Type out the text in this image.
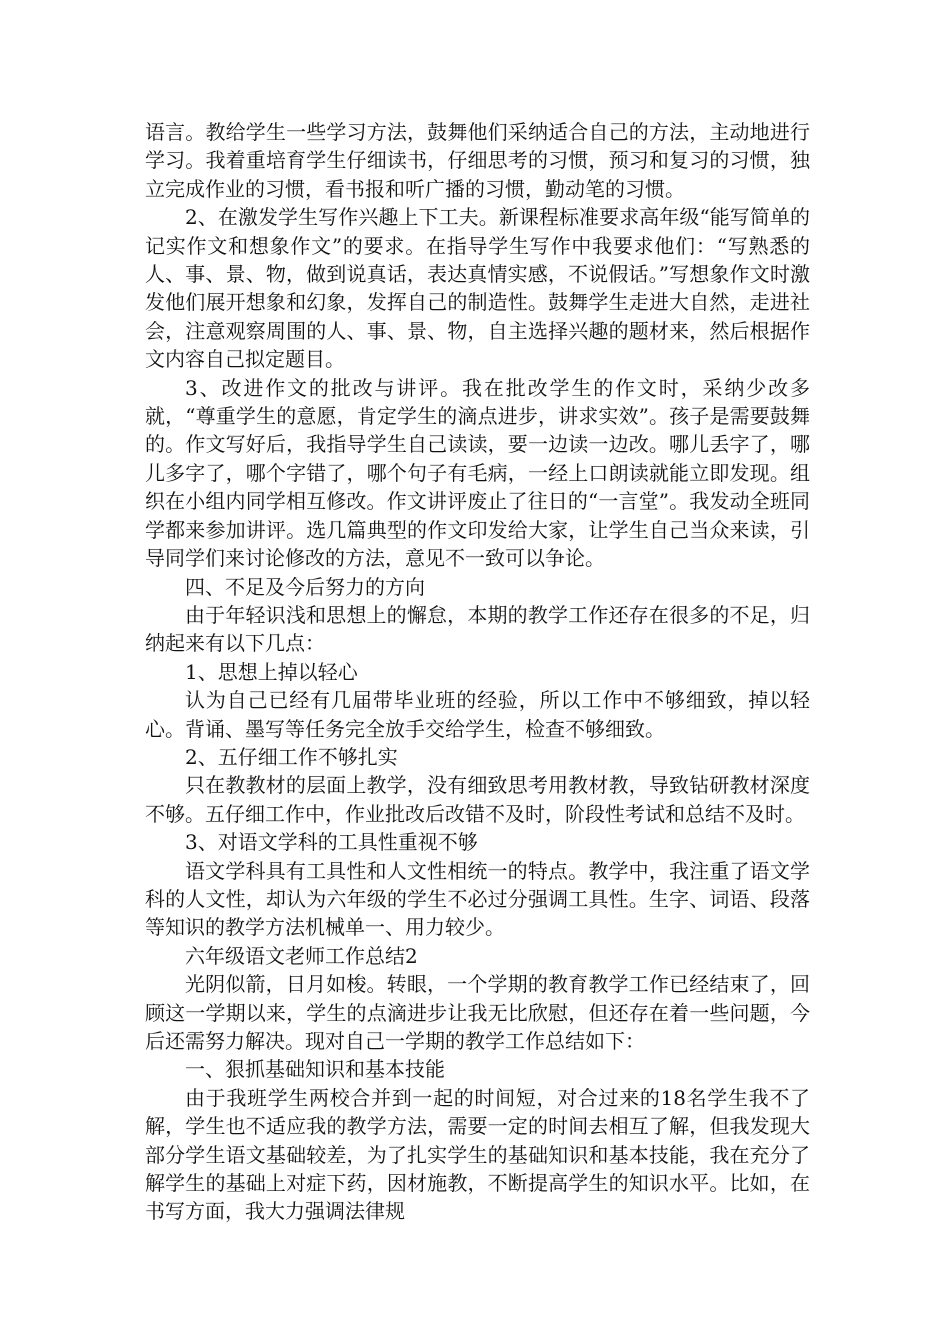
语言。教给学生一些学习方法，鼓舞他们采纳适合自己的方法，主动地进行学习。我着重培育学生仔细读书，仔细思考的习惯，预习和复习的习惯，独立完成作业的习惯，看书报和听广播的习惯，勤动笔的习惯。

2、在激发学生写作兴趣上下工夫。新课程标准要求高年级“能写简单的记实作文和想象作文”的要求。在指导学生写作中我要求他们：“写熟悉的人、事、景、物，做到说真话，表达真情实感，不说假话。”写想象作文时激发他们展开想象和幻象，发挥自己的制造性。鼓舞学生走进大自然，走进社会，注意观察周围的人、事、景、物，自主选择兴趣的题材来，然后根据作文内容自己拟定题目。

3、改进作文的批改与讲评。我在批改学生的作文时，采纳少改多就，“尊重学生的意愿，肯定学生的滴点进步，讲求实效”。孩子是需要鼓舞的。作文写好后，我指导学生自己读读，要一边读一边改。哪儿丢字了，哪儿多字了，哪个字错了，哪个句子有毛病，一经上口朗读就能立即发现。组织在小组内同学相互修改。作文讲评废止了往日的“一言堂”。我发动全班同学都来参加讲评。选几篇典型的作文印发给大家，让学生自己当众来读，引导同学们来讨论修改的方法，意见不一致可以争论。

四、不足及今后努力的方向

由于年轻识浅和思想上的懈怠，本期的教学工作还存在很多的不足，归纳起来有以下几点：

1、思想上掉以轻心

认为自己已经有几届带毕业班的经验，所以工作中不够细致，掉以轻心。背诵、墨写等任务完全放手交给学生，检查不够细致。

2、五仔细工作不够扎实

只在教教材的层面上教学，没有细致思考用教材教，导致钻研教材深度不够。五仔细工作中，作业批改后改错不及时，阶段性考试和总结不及时。

3、对语文学科的工具性重视不够

语文学科具有工具性和人文性相统一的特点。教学中，我注重了语文学科的人文性，却认为六年级的学生不必过分强调工具性。生字、词语、段落等知识的教学方法机械单一、用力较少。

六年级语文老师工作总结2

光阴似箭，日月如梭。转眼，一个学期的教育教学工作已经结束了，回顾这一学期以来，学生的点滴进步让我无比欣慰，但还存在着一些问题，今后还需努力解决。现对自己一学期的教学工作总结如下：

一、狠抓基础知识和基本技能

由于我班学生两校合并到一起的时间短，对合过来的18名学生我不了解，学生也不适应我的教学方法，需要一定的时间去相互了解，但我发现大部分学生语文基础较差，为了扎实学生的基础知识和基本技能，我在充分了解学生的基础上对症下药，因材施教，不断提高学生的知识水平。比如，在书写方面，我大力强调法律规
